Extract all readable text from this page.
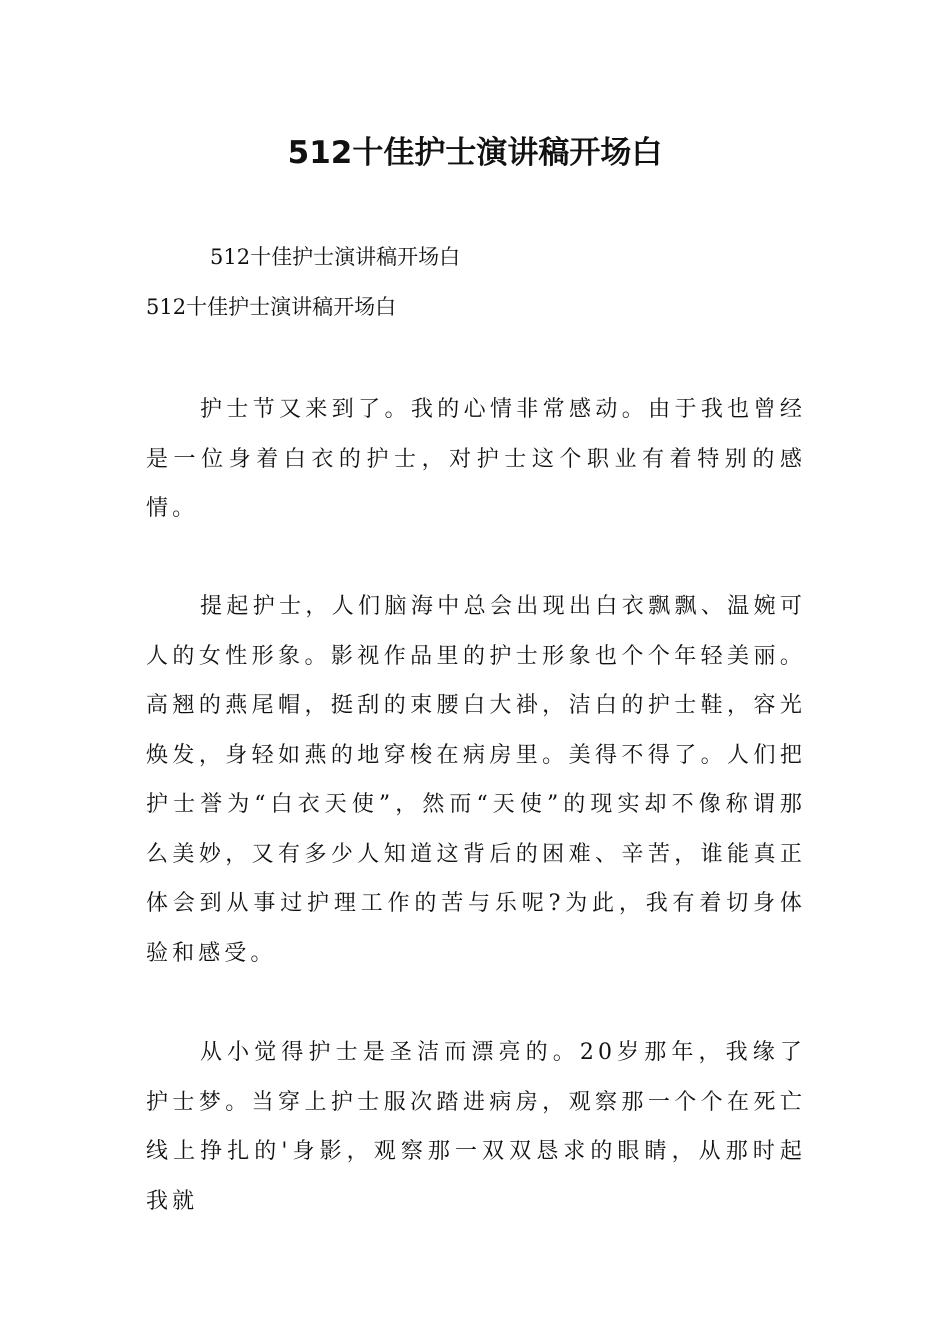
512十佳护士演讲稿开场白
512十佳护士演讲稿开场白
512十佳护士演讲稿开场白

护士节又来到了。我的心情非常感动。由于我也曾经是一位身着白衣的护士，对护士这个职业有着特别的感情。

提起护士，人们脑海中总会出现出白衣飘飘、温婉可人的女性形象。影视作品里的护士形象也个个年轻美丽。高翘的燕尾帽，挺刮的束腰白大褂，洁白的护士鞋，容光焕发，身轻如燕的地穿梭在病房里。美得不得了。人们把护士誉为“白衣天使”，然而“天使”的现实却不像称谓那么美妙，又有多少人知道这背后的困难、辛苦，谁能真正体会到从事过护理工作的苦与乐呢?为此，我有着切身体验和感受。

从小觉得护士是圣洁而漂亮的。20岁那年，我缘了护士梦。当穿上护士服次踏进病房，观察那一个个在死亡线上挣扎的'身影，观察那一双双恳求的眼睛，从那时起我就
